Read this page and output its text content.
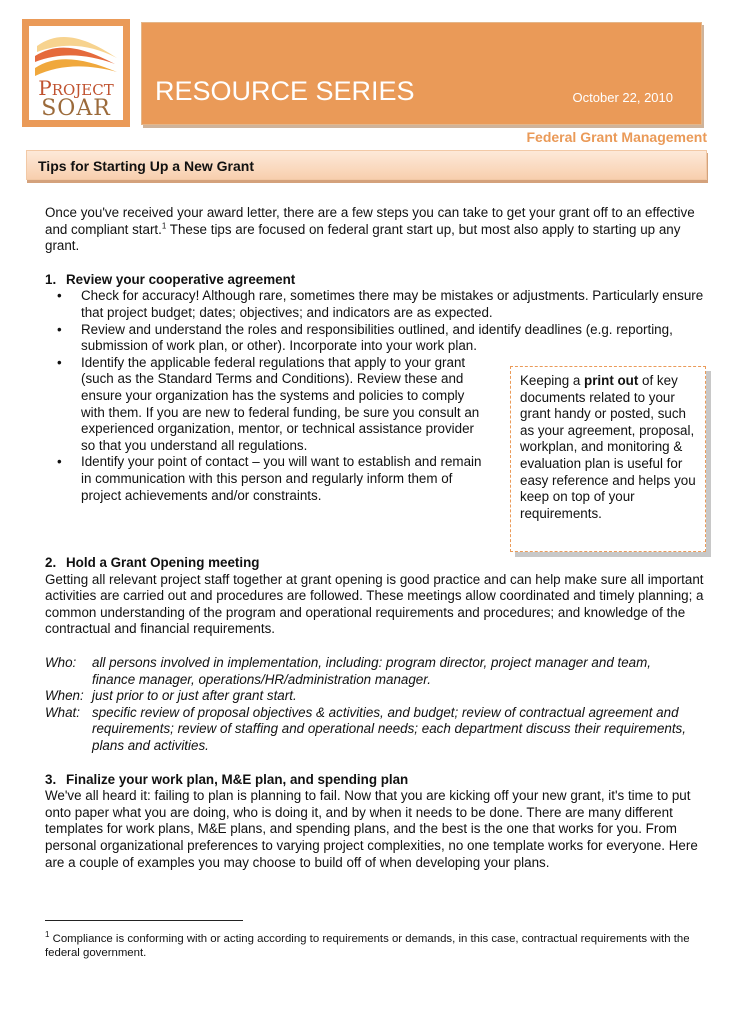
PROJECT
SOAR
RESOURCE SERIES	October 22, 2010
Federal Grant Management
Tips for Starting Up a New Grant

Once you've received your award letter, there are a few steps you can take to get your grant off to an effective and compliant start.$^1$ These tips are focused on federal grant start up, but most also apply to starting up any grant.

1. Review your cooperative agreement
• Check for accuracy! Although rare, sometimes there may be mistakes or adjustments. Particularly ensure that project budget; dates; objectives; and indicators are as expected.
• Review and understand the roles and responsibilities outlined, and identify deadlines (e.g. reporting, submission of work plan, or other). Incorporate into your work plan.
• Identify the applicable federal regulations that apply to your grant (such as the Standard Terms and Conditions). Review these and ensure your organization has the systems and policies to comply with them. If you are new to federal funding, be sure you consult an experienced organization, mentor, or technical assistance provider so that you understand all regulations.
• Identify your point of contact – you will want to establish and remain in communication with this person and regularly inform them of project achievements and/or constraints.
2. Hold a Grant Opening meeting

Getting all relevant project staff together at grant opening is good practice and can help make sure all important activities are carried out and procedures are followed. These meetings allow coordinated and timely planning; a common understanding of the program and operational requirements and procedures; and knowledge of the contractual and financial requirements.

Who:	all persons involved in implementation, including: program director, project manager and team, finance manager, operations/HR/administration manager.
When: just prior to or just after grant start.
What: specific review of proposal objectives & activities, and budget; review of contractual agreement and requirements; review of staffing and operational needs; each department discuss their requirements, plans and activities.
3. Finalize your work plan, M&E plan, and spending plan

We've all heard it: failing to plan is planning to fail. Now that you are kicking off your new grant, it's time to put onto paper what you are doing, who is doing it, and by when it needs to be done. There are many different templates for work plans, M&E plans, and spending plans, and the best is the one that works for you. From personal organizational preferences to varying project complexities, no one template works for everyone. Here are a couple of examples you may choose to build off of when developing your plans.

Keeping a print out of key documents related to your grant handy or posted, such as your agreement, proposal, workplan, and monitoring & evaluation plan is useful for easy reference and helps you keep on top of your requirements.
$^1$ Compliance is conforming with or acting according to requirements or demands, in this case, contractual requirements with the federal government.
